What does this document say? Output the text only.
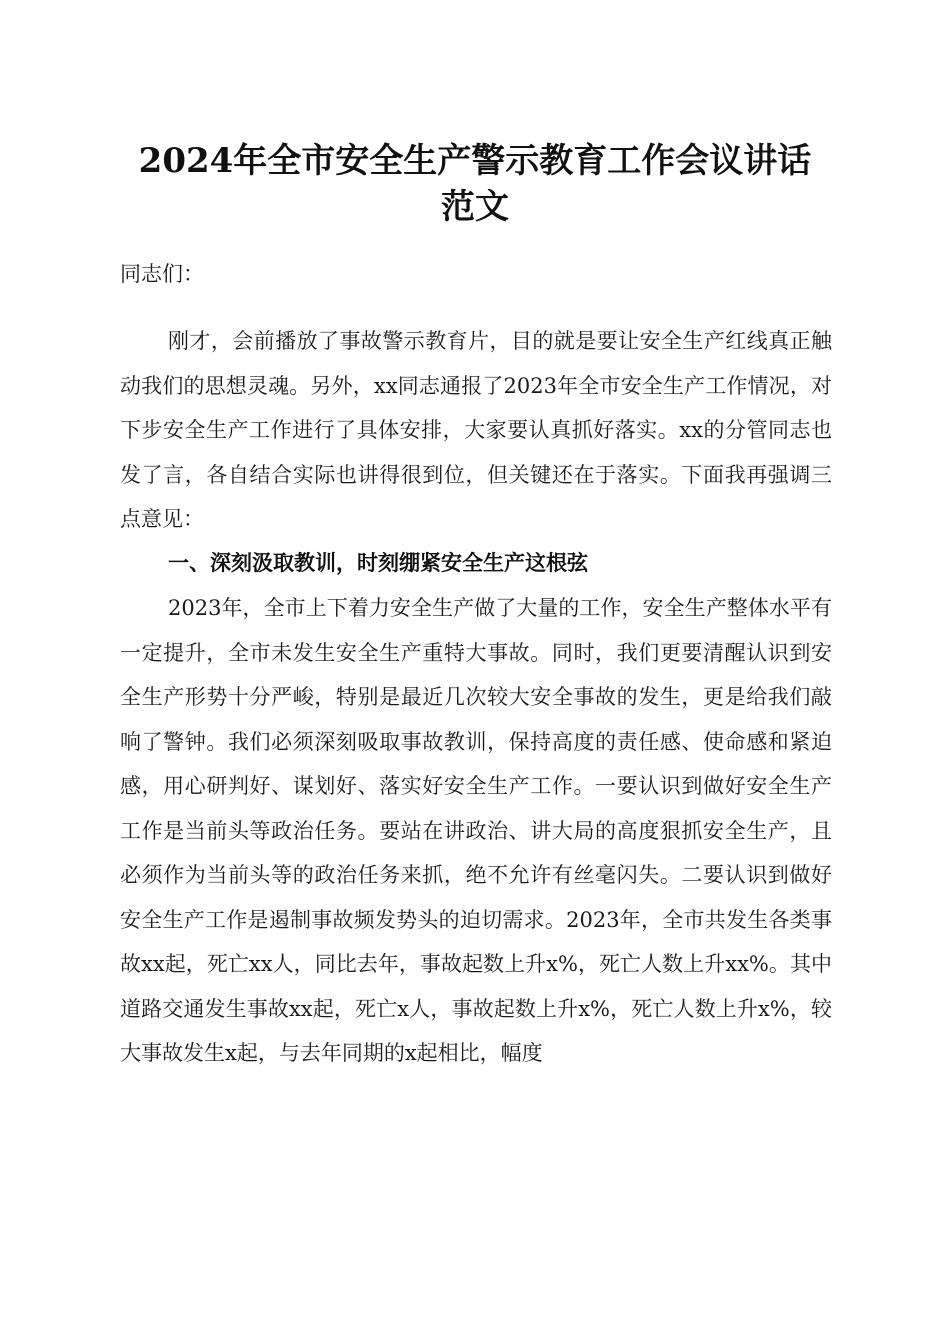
2024年全市安全生产警示教育工作会议讲话
范文

同志们：

刚才，会前播放了事故警示教育片，目的就是要让安全生产红线真正触动我们的思想灵魂。另外，xx同志通报了2023年全市安全生产工作情况，对下步安全生产工作进行了具体安排，大家要认真抓好落实。xx的分管同志也发了言，各自结合实际也讲得很到位，但关键还在于落实。下面我再强调三点意见：

一、深刻汲取教训，时刻绷紧安全生产这根弦

2023年，全市上下着力安全生产做了大量的工作，安全生产整体水平有一定提升，全市未发生安全生产重特大事故。同时，我们更要清醒认识到安全生产形势十分严峻，特别是最近几次较大安全事故的发生，更是给我们敲响了警钟。我们必须深刻吸取事故教训，保持高度的责任感、使命感和紧迫感，用心研判好、谋划好、落实好安全生产工作。一要认识到做好安全生产工作是当前头等政治任务。要站在讲政治、讲大局的高度狠抓安全生产，且必须作为当前头等的政治任务来抓，绝不允许有丝毫闪失。二要认识到做好安全生产工作是遏制事故频发势头的迫切需求。2023年，全市共发生各类事故xx起，死亡xx人，同比去年，事故起数上升x%，死亡人数上升xx%。其中道路交通发生事故xx起，死亡x人，事故起数上升x%，死亡人数上升x%，较大事故发生x起，与去年同期的x起相比，幅度
